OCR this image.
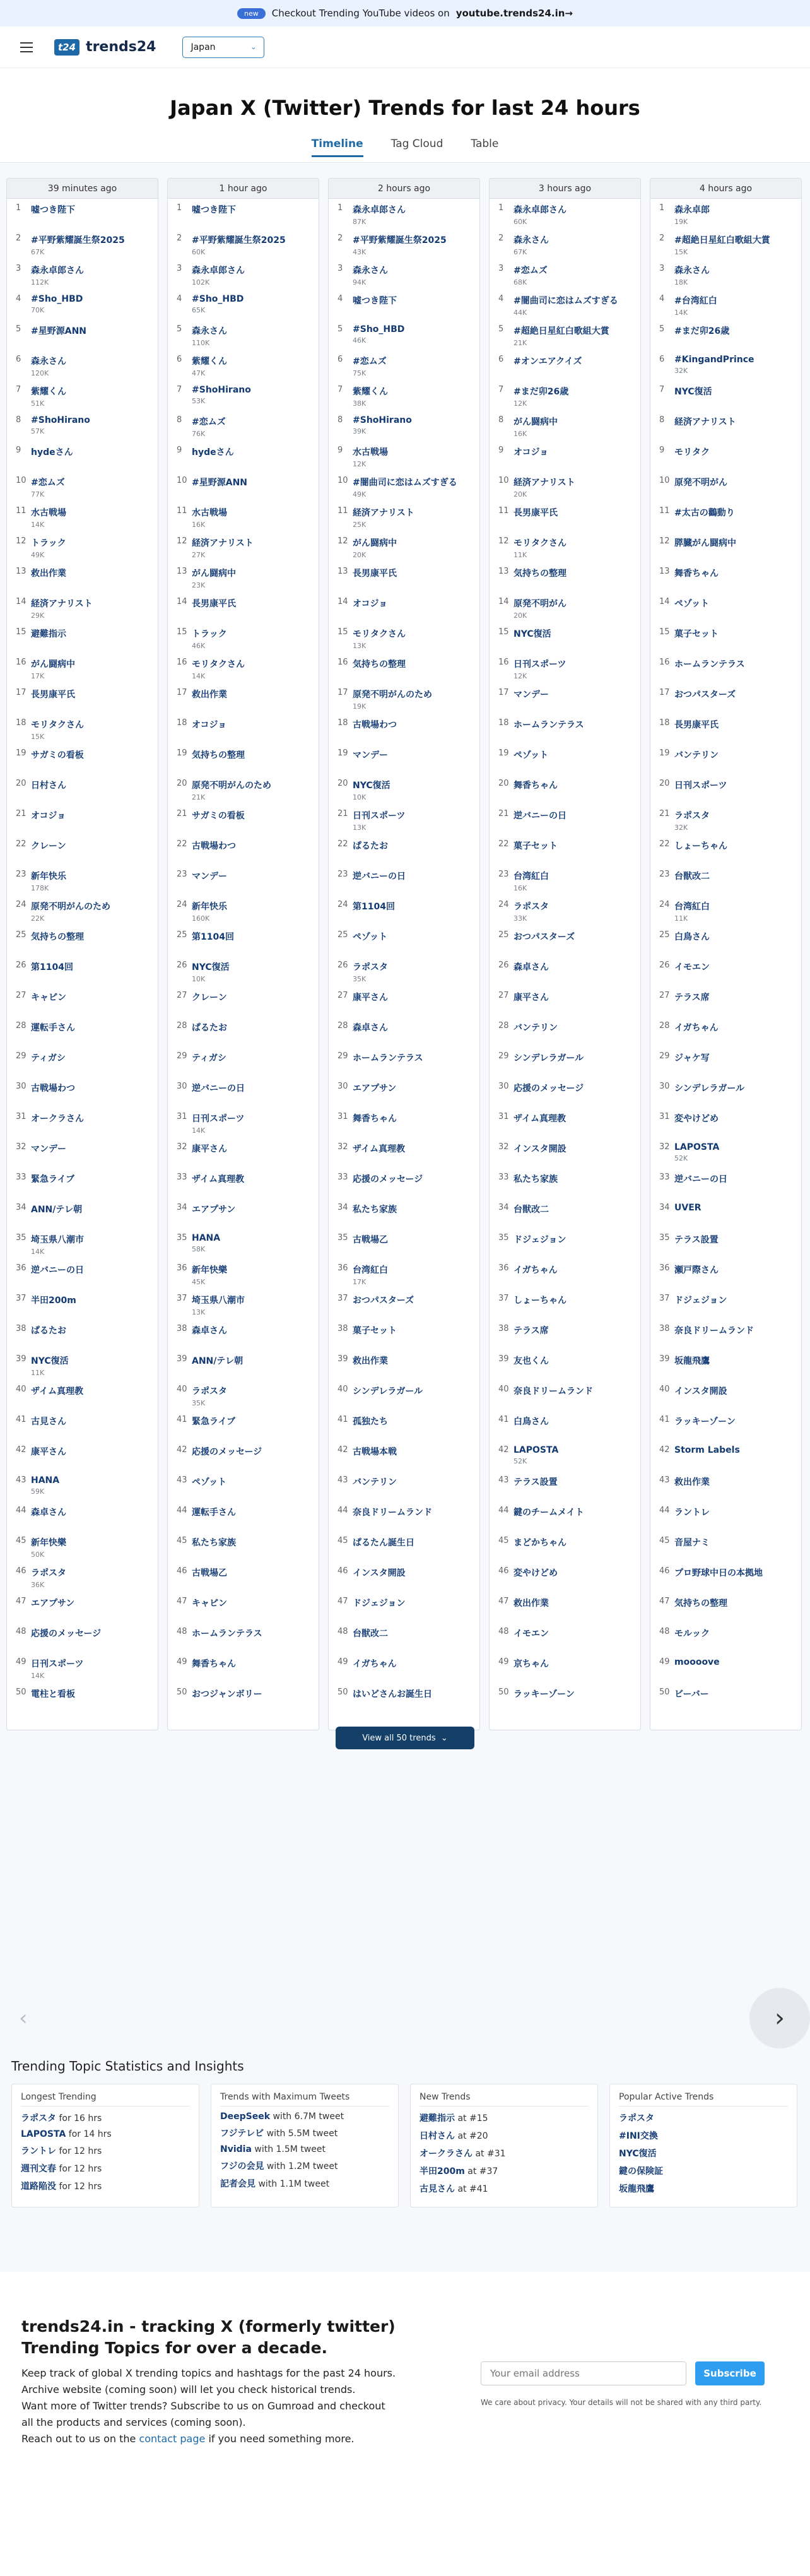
new	Checkout Trending YouTube videos on youtube.trends24.in→
t24 trends24	Japan	⌄
Japan X (Twitter) Trends for last 24 hours
Timeline	Tag Cloud	Table
39 minutes ago
1	嘘つき陛下
2	#平野紫耀誕生祭2025
67K
3	森永卓郎さん
112K
4	#Sho_HBD
70K
5	#星野源ANN
6	森永さん
120K
7	紫耀くん
51K
8	#ShoHirano
57K
9	hydeさん
10 #恋ムズ
77K
11 水古戦場
14K
12 トラック
49K
13 救出作業
14 経済アナリスト
29K
15 避難指示
16 がん闘病中
17K
17 長男康平氏
18 モリタクさん
15K
19 サガミの看板
20 日村さん
21 オコジョ
22 クレーン
23 新年快乐
178K
24 原発不明がんのため
22K
25 気持ちの整理
26 第1104回
27 キャピン
28 運転手さん
29 ティガシ
30 古戦場わつ
31 オークラさん
32 マンデー
33 緊急ライブ
34 ANN/テレ朝
35 埼玉県八潮市
14K
36 逆バニーの日
37 半田200m
38 ぱるたお
39 NYC復活
11K
40 ザイム真理教
41 古見さん
42 康平さん
43 HANA
59K
44 森卓さん
45 新年快樂
50K
46 ラポスタ
36K
47 エアプサン
48 応援のメッセージ
49 日刊スポーツ
14K
50 電柱と看板
1 hour ago
1	嘘つき陛下
2	#平野紫耀誕生祭2025
60K
3	森永卓郎さん
102K
4	#Sho_HBD
65K
5	森永さん
110K
6	紫耀くん
47K
7	#ShoHirano
53K
8	#恋ムズ
76K
9	hydeさん
10 #星野源ANN
11 水古戦場
16K
12 経済アナリスト
27K
13 がん闘病中
23K
14 長男康平氏
15 トラック
46K
16 モリタクさん
14K
17 救出作業
18 オコジョ
19 気持ちの整理
20 原発不明がんのため
21K
21 サガミの看板
22 古戦場わつ
23 マンデー
24 新年快乐
160K
25 第1104回
26 NYC復活
10K
27 クレーン
28 ぱるたお
29 ティガシ
30 逆バニーの日
31 日刊スポーツ
14K
32 康平さん
33 ザイム真理教
34 エアプサン
35 HANA
58K
36 新年快樂
45K
37 埼玉県八潮市
13K
38 森卓さん
39 ANN/テレ朝
40 ラポスタ
35K
41 緊急ライブ
42 応援のメッセージ
43 ペゾット
44 運転手さん
45 私たち家族
46 古戦場乙
47 キャピン
48 ホームランテラス
49 舞香ちゃん
50 おつジャンボリー
2 hours ago
1	森永卓郎さん
87K
2	#平野紫耀誕生祭2025
43K
3	森永さん
94K
4	嘘つき陛下
5	#Sho_HBD
46K
6	#恋ムズ
75K
7	紫耀くん
38K
8	#ShoHirano
39K
9	水古戦場
12K
10 #闇曲司に恋はムズすぎる
49K
11 経済アナリスト
25K
12 がん闘病中
20K
13 長男康平氏
14 オコジョ
15 モリタクさん
13K
16 気持ちの整理
17 原発不明がんのため
19K
18 古戦場わつ
19 マンデー
20 NYC復活
10K
21 日刊スポーツ
13K
22 ぱるたお
23 逆バニーの日
24 第1104回
25 ペゾット
26 ラポスタ
35K
27 康平さん
28 森卓さん
29 ホームランテラス
30 エアプサン
31 舞香ちゃん
32 ザイム真理教
33 応援のメッセージ
34 私たち家族
35 古戦場乙
36 台湾紅白
17K
37 おつパスターズ
38 菓子セット
39 救出作業
40 シンデレラガール
41 孤独たち
42 古戦場本戦
43 バンテリン
44 奈良ドリームランド
45 ぱるたん誕生日
46 インスタ開設
47 ドジェジョン
48 台獣改二
49 イガちゃん
50 はいどさんお誕生日
3 hours ago
1	森永卓郎さん
60K
2	森永さん
67K
3	#恋ムズ
68K
4	#闇曲司に恋はムズすぎる
44K
5	#超絶日星紅白歌組大賞
21K
6	#オンエアクイズ
7	#まだ卯26歳
12K
8	がん闘病中
16K
9	オコジョ
10 経済アナリスト
20K
11 長男康平氏
12 モリタクさん
11K
13 気持ちの整理
14 原発不明がん
20K
15 NYC復活
16 日刊スポーツ
12K
17 マンデー
18 ホームランテラス
19 ペゾット
20 舞香ちゃん
21 逆バニーの日
22 菓子セット
23 台湾紅白
16K
24 ラポスタ
33K
25 おつパスターズ
26 森卓さん
27 康平さん
28 バンテリン
29 シンデレラガール
30 応援のメッセージ
31 ザイム真理教
32 インスタ開設
33 私たち家族
34 台獣改二
35 ドジェジョン
36 イガちゃん
37 しょーちゃん
38 テラス席
39 友也くん
40 奈良ドリームランド
41 白鳥さん
42 LAPOSTA
52K
43 テラス設置
44 鍵のチームメイト
45 まどかちゃん
46 変やけどめ
47 救出作業
48 イモエン
49 京ちゃん
50 ラッキーゾーン
4 hours ago
1	森永卓郎
19K
2	#超絶日星紅白歌組大賞
15K
3	森永さん
18K
4	#台湾紅白
14K
5	#まだ卯26歳
6	#KingandPrince
32K
7	NYC復活
8	経済アナリスト
9	モリタク
10 原発不明がん
11 #太古の鸛動り
12 膵臓がん闘病中
13 舞香ちゃん
14 ペゾット
15 菓子セット
16 ホームランテラス
17 おつパスターズ
18 長男康平氏
19 バンテリン
20 日刊スポーツ
21 ラポスタ
32K
22 しょーちゃん
23 台獣改二
24 台湾紅白
11K
25 白鳥さん
26 イモエン
27 テラス席
28 イガちゃん
29 ジャケ写
30 シンデレラガール
31 変やけどめ
32 LAPOSTA
52K
33 逆バニーの日
34 UVER
35 テラス設置
36 瀬戸際さん
37 ドジェジョン
38 奈良ドリームランド
39 坂龍飛鷹
40 インスタ開設
41 ラッキーゾーン
42 Storm Labels
43 救出作業
44 ラントレ
45 音屋ナミ
46 プロ野球中日の本拠地
47 気持ちの整理
48 モルック
49 moooove
50 ビーバー
View all 50 trends
⌄
‹	›
Trending Topic Statistics and Insights
Longest Trending
ラポスタ for 16 hrs
LAPOSTA for 14 hrs
ラントレ for 12 hrs
週刊文春 for 12 hrs
道路陥没 for 12 hrs
Trends with Maximum Tweets
DeepSeek with 6.7M tweet
フジテレビ with 5.5M tweet
Nvidia with 1.5M tweet
フジの会見 with 1.2M tweet
記者会見 with 1.1M tweet
New Trends
避難指示 at #15
日村さん at #20
オークラさん at #31
半田200m at #37
古見さん at #41
Popular Active Trends
ラポスタ
#INI交換
NYC復活
鍵の保険証
坂龍飛鷹
trends24.in - tracking X (formerly twitter) Trending Topics for over a decade.
Keep track of global X trending topics and hashtags for the past 24 hours.
Archive website (coming soon) will let you check historical trends.
Want more of Twitter trends? Subscribe to us on Gumroad and checkout all the products and services (coming soon).
Reach out to us on the contact page if you need something more.
Your email address
Subscribe
We care about privacy. Your details will not be shared with any third party.
